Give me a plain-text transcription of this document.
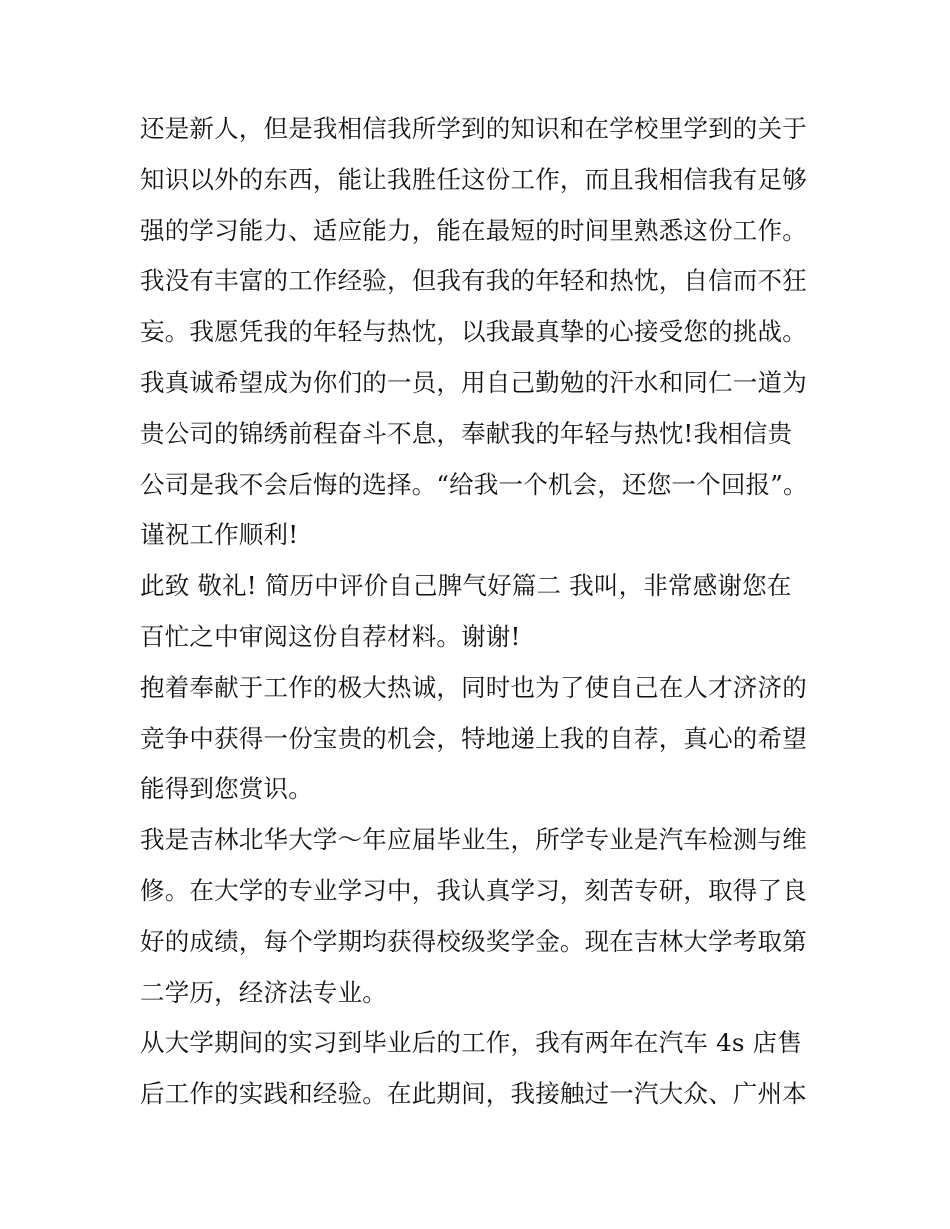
还是新人，但是我相信我所学到的知识和在学校里学到的关于
知识以外的东西，能让我胜任这份工作，而且我相信我有足够
强的学习能力、适应能力，能在最短的时间里熟悉这份工作。
我没有丰富的工作经验，但我有我的年轻和热忱，自信而不狂
妄。我愿凭我的年轻与热忱，以我最真挚的心接受您的挑战。
我真诚希望成为你们的一员，用自己勤勉的汗水和同仁一道为
贵公司的锦绣前程奋斗不息，奉献我的年轻与热忱!我相信贵
公司是我不会后悔的选择。“给我一个机会，还您一个回报”。
谨祝工作顺利!
此致 敬礼! 简历中评价自己脾气好篇二 我叫，非常感谢您在
百忙之中审阅这份自荐材料。谢谢!
抱着奉献于工作的极大热诚，同时也为了使自己在人才济济的
竞争中获得一份宝贵的机会，特地递上我的自荐，真心的希望
能得到您赏识。
我是吉林北华大学～年应届毕业生，所学专业是汽车检测与维
修。在大学的专业学习中，我认真学习，刻苦专研，取得了良
好的成绩，每个学期均获得校级奖学金。现在吉林大学考取第
二学历，经济法专业。
从大学期间的实习到毕业后的工作，我有两年在汽车 4s 店售
后工作的实践和经验。在此期间，我接触过一汽大众、广州本
